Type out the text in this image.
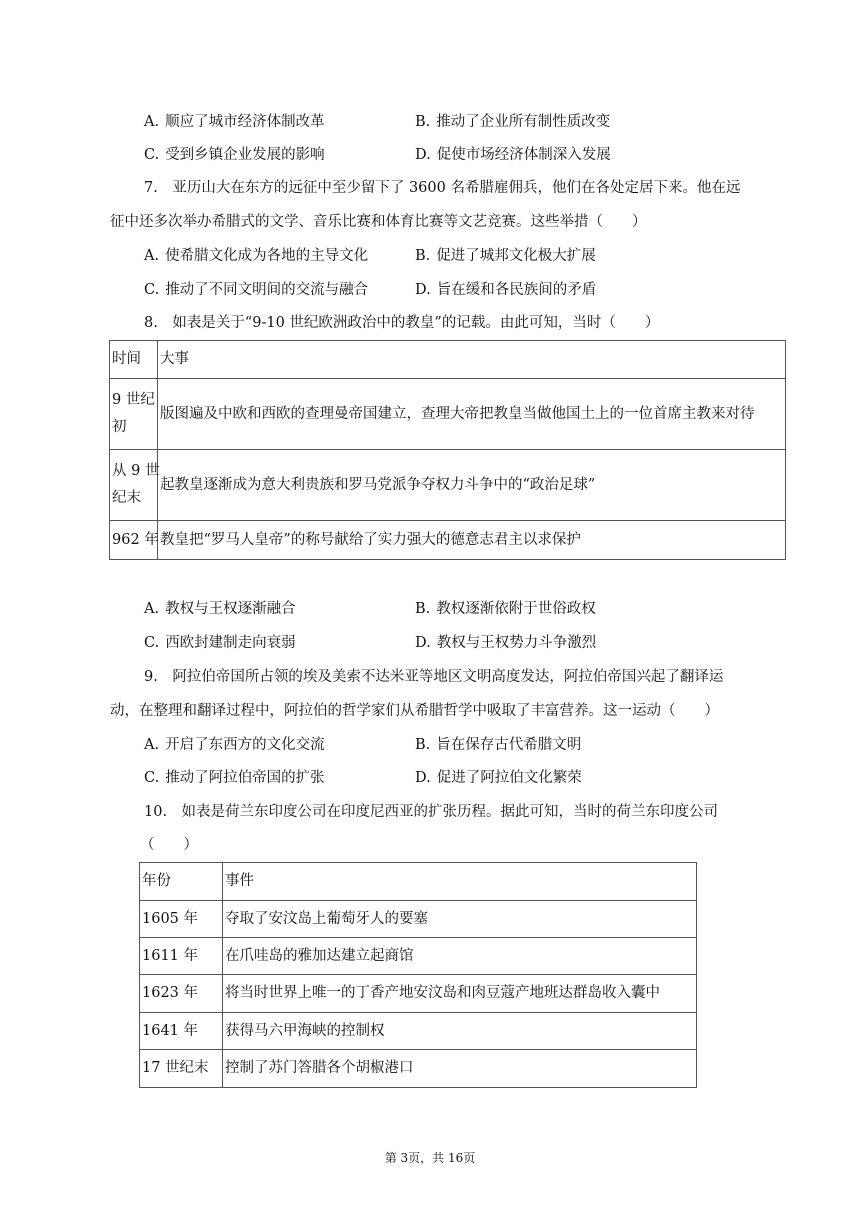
A. 顺应了城市经济体制改革	B. 推动了企业所有制性质改变
C. 受到乡镇企业发展的影响	D. 促使市场经济体制深入发展
7.　亚历山大在东方的远征中至少留下了 3600 名希腊雇佣兵，他们在各处定居下来。他在远
征中还多次举办希腊式的文学、音乐比赛和体育比赛等文艺竞赛。这些举措（　　）
A. 使希腊文化成为各地的主导文化	B. 促进了城邦文化极大扩展
C. 推动了不同文明间的交流与融合	D. 旨在缓和各民族间的矛盾
8.　如表是关于“9-10 世纪欧洲政治中的教皇”的记载。由此可知，当时（　　）
时间	大事
9 世纪
初	版图遍及中欧和西欧的查理曼帝国建立，查理大帝把教皇当做他国土上的一位首席主教来对待
从 9 世
纪末	起教皇逐渐成为意大利贵族和罗马党派争夺权力斗争中的“政治足球”
962 年	教皇把“罗马人皇帝”的称号献给了实力强大的德意志君主以求保护
A. 教权与王权逐渐融合	B. 教权逐渐依附于世俗政权
C. 西欧封建制走向衰弱	D. 教权与王权势力斗争激烈
9.　阿拉伯帝国所占领的埃及美索不达米亚等地区文明高度发达，阿拉伯帝国兴起了翻译运
动，在整理和翻译过程中，阿拉伯的哲学家们从希腊哲学中吸取了丰富营养。这一运动（　　）
A. 开启了东西方的文化交流	B. 旨在保存古代希腊文明
C. 推动了阿拉伯帝国的扩张	D. 促进了阿拉伯文化繁荣
10.　如表是荷兰东印度公司在印度尼西亚的扩张历程。据此可知，当时的荷兰东印度公司
（　　）
年份	事件
1605 年	夺取了安汶岛上葡萄牙人的要塞
1611 年	在爪哇岛的雅加达建立起商馆
1623 年	将当时世界上唯一的丁香产地安汶岛和肉豆蔻产地班达群岛收入囊中
1641 年	获得马六甲海峡的控制权
17 世纪末	控制了苏门答腊各个胡椒港口
第 3页，共 16页
